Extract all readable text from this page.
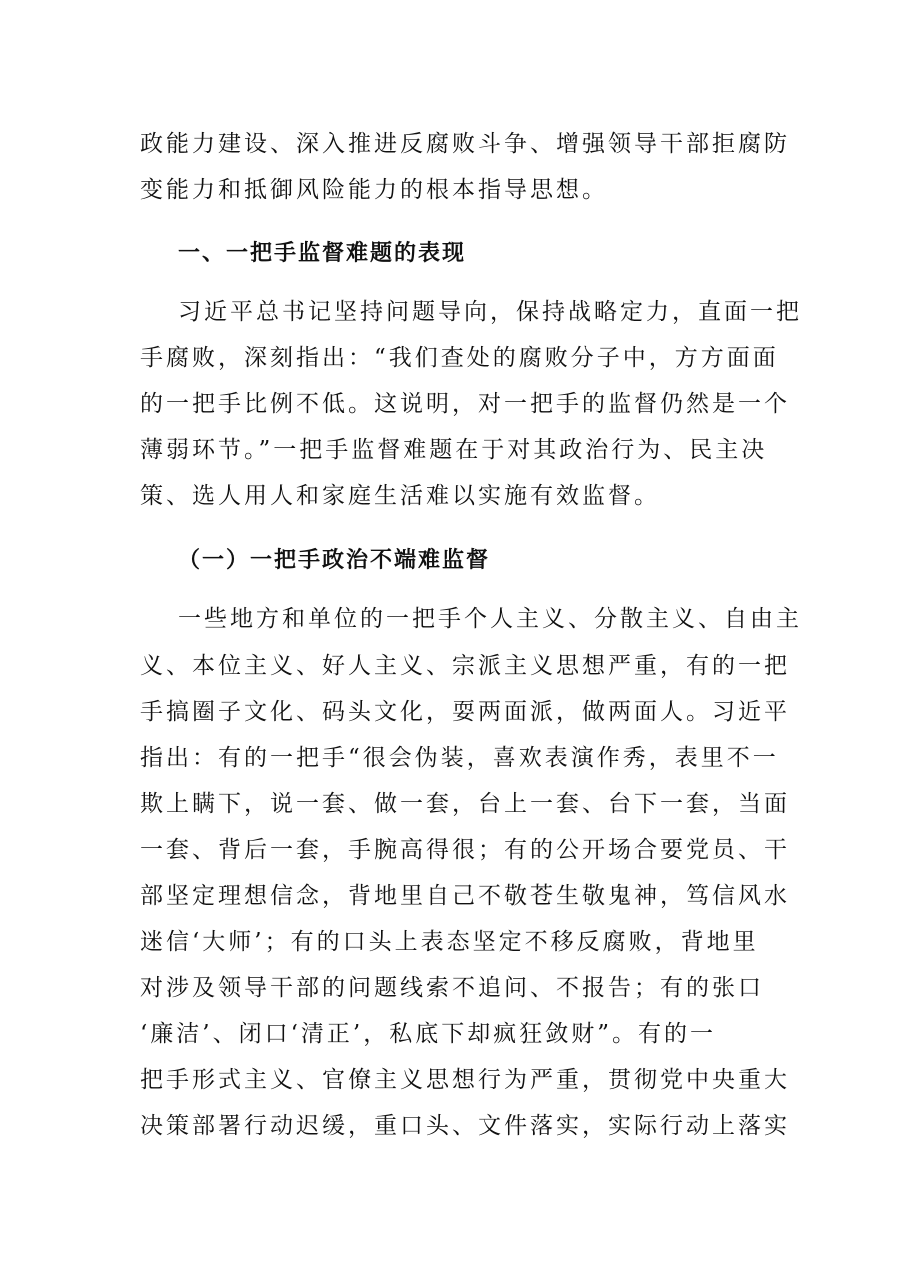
政能力建设、深入推进反腐败斗争、增强领导干部拒腐防
变能力和抵御风险能力的根本指导思想。
一、一把手监督难题的表现
习近平总书记坚持问题导向，保持战略定力，直面一把
手腐败，深刻指出：“我们查处的腐败分子中，方方面面
的一把手比例不低。这说明，对一把手的监督仍然是一个
薄弱环节。”一把手监督难题在于对其政治行为、民主决
策、选人用人和家庭生活难以实施有效监督。
（一）一把手政治不端难监督
一些地方和单位的一把手个人主义、分散主义、自由主
义、本位主义、好人主义、宗派主义思想严重，有的一把
手搞圈子文化、码头文化，耍两面派，做两面人。习近平
指出：有的一把手“很会伪装，喜欢表演作秀，表里不一
欺上瞒下，说一套、做一套，台上一套、台下一套，当面
一套、背后一套，手腕高得很；有的公开场合要党员、干
部坚定理想信念，背地里自己不敬苍生敬鬼神，笃信风水
迷信‘大师’；有的口头上表态坚定不移反腐败，背地里
对涉及领导干部的问题线索不追问、不报告；有的张口
‘廉洁’、闭口‘清正’，私底下却疯狂敛财”。有的一
把手形式主义、官僚主义思想行为严重，贯彻党中央重大
决策部署行动迟缓，重口头、文件落实，实际行动上落实
